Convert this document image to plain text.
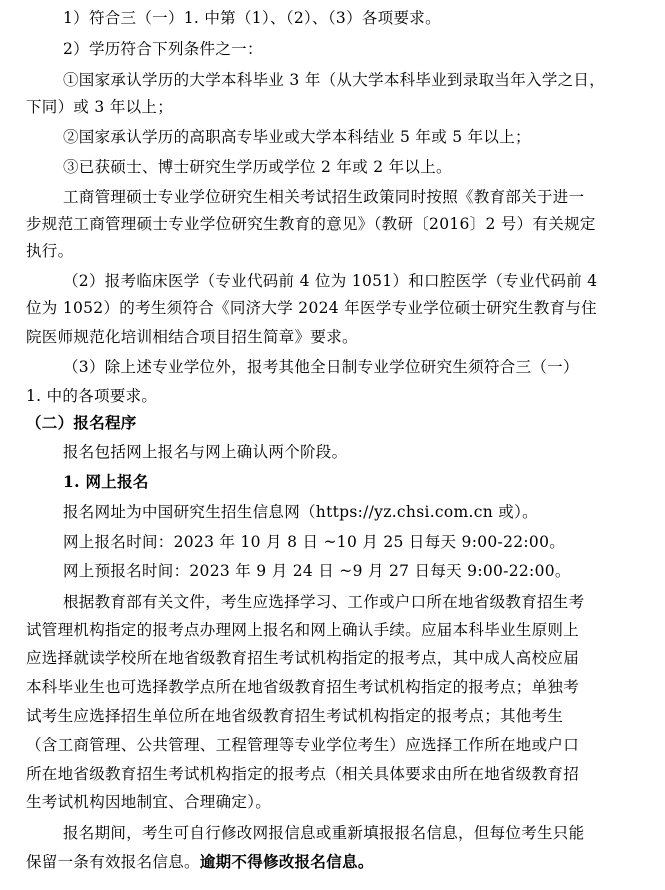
1）符合三（一）1. 中第（1）、（2）、（3）各项要求。
2）学历符合下列条件之一：
①国家承认学历的大学本科毕业 3 年（从大学本科毕业到录取当年入学之日，
下同）或 3 年以上；
②国家承认学历的高职高专毕业或大学本科结业 5 年或 5 年以上；
③已获硕士、博士研究生学历或学位 2 年或 2 年以上。
工商管理硕士专业学位研究生相关考试招生政策同时按照《教育部关于进一
步规范工商管理硕士专业学位研究生教育的意见》（教研〔2016〕2 号）有关规定
执行。
（2）报考临床医学（专业代码前 4 位为 1051）和口腔医学（专业代码前 4
位为 1052）的考生须符合《同济大学 2024 年医学专业学位硕士研究生教育与住
院医师规范化培训相结合项目招生简章》要求。
（3）除上述专业学位外，报考其他全日制专业学位研究生须符合三（一）
1. 中的各项要求。
（二）报名程序
报名包括网上报名与网上确认两个阶段。
1. 网上报名
报名网址为中国研究生招生信息网（https://yz.chsi.com.cn 或）。
网上报名时间：2023 年 10 月 8 日 ~10 月 25 日每天 9:00-22:00。
网上预报名时间：2023 年 9 月 24 日 ~9 月 27 日每天 9:00-22:00。
根据教育部有关文件，考生应选择学习、工作或户口所在地省级教育招生考
试管理机构指定的报考点办理网上报名和网上确认手续。应届本科毕业生原则上
应选择就读学校所在地省级教育招生考试机构指定的报考点，其中成人高校应届
本科毕业生也可选择教学点所在地省级教育招生考试机构指定的报考点；单独考
试考生应选择招生单位所在地省级教育招生考试机构指定的报考点；其他考生
（含工商管理、公共管理、工程管理等专业学位考生）应选择工作所在地或户口
所在地省级教育招生考试机构指定的报考点（相关具体要求由所在地省级教育招
生考试机构因地制宜、合理确定）。
报名期间，考生可自行修改网报信息或重新填报报名信息，但每位考生只能
保留一条有效报名信息。逾期不得修改报名信息。
